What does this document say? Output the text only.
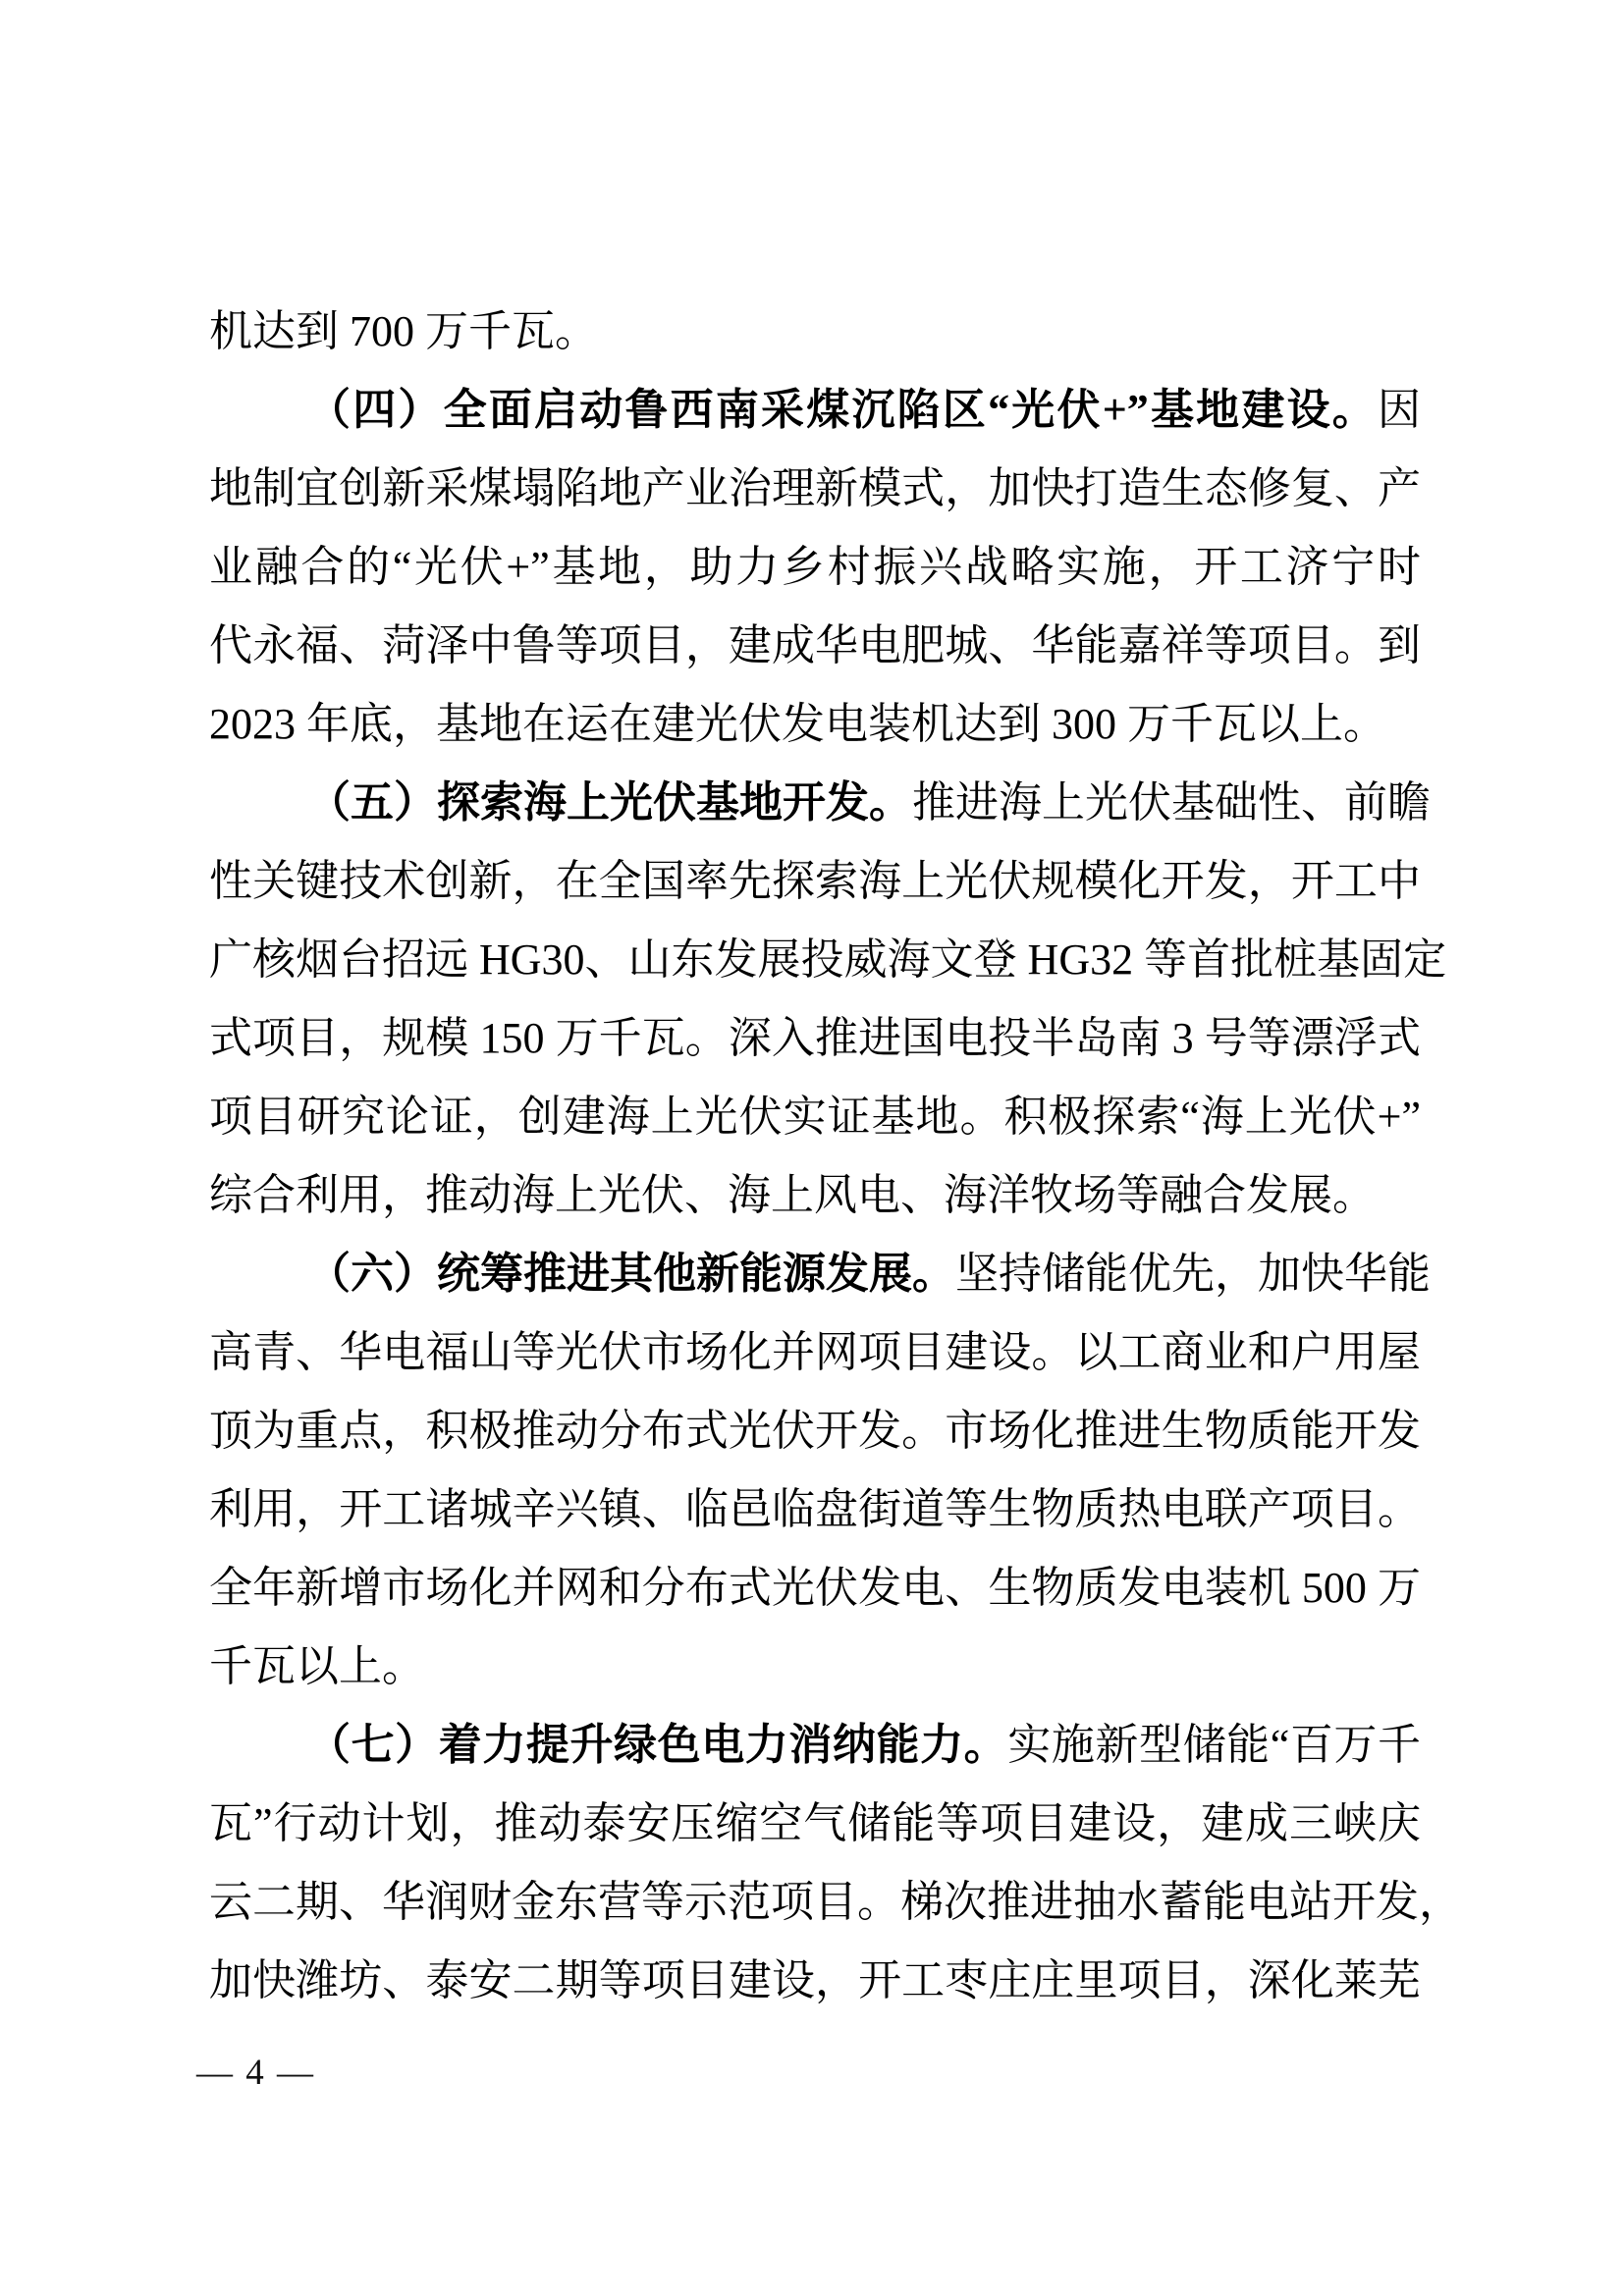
机达到 700 万千瓦。
（四）全面启动鲁西南采煤沉陷区“光伏+”基地建设。因
地制宜创新采煤塌陷地产业治理新模式，加快打造生态修复、产
业融合的“光伏+”基地，助力乡村振兴战略实施，开工济宁时
代永福、菏泽中鲁等项目，建成华电肥城、华能嘉祥等项目。到
2023 年底，基地在运在建光伏发电装机达到 300 万千瓦以上。
（五）探索海上光伏基地开发。推进海上光伏基础性、前瞻
性关键技术创新，在全国率先探索海上光伏规模化开发，开工中
广核烟台招远 HG30、山东发展投威海文登 HG32 等首批桩基固定
式项目，规模 150 万千瓦。深入推进国电投半岛南 3 号等漂浮式
项目研究论证，创建海上光伏实证基地。积极探索“海上光伏+”
综合利用，推动海上光伏、海上风电、海洋牧场等融合发展。
（六）统筹推进其他新能源发展。坚持储能优先，加快华能
高青、华电福山等光伏市场化并网项目建设。以工商业和户用屋
顶为重点，积极推动分布式光伏开发。市场化推进生物质能开发
利用，开工诸城辛兴镇、临邑临盘街道等生物质热电联产项目。
全年新增市场化并网和分布式光伏发电、生物质发电装机 500 万
千瓦以上。
（七）着力提升绿色电力消纳能力。实施新型储能“百万千
瓦”行动计划，推动泰安压缩空气储能等项目建设，建成三峡庆
云二期、华润财金东营等示范项目。梯次推进抽水蓄能电站开发，
加快潍坊、泰安二期等项目建设，开工枣庄庄里项目，深化莱芜
— 4 —
